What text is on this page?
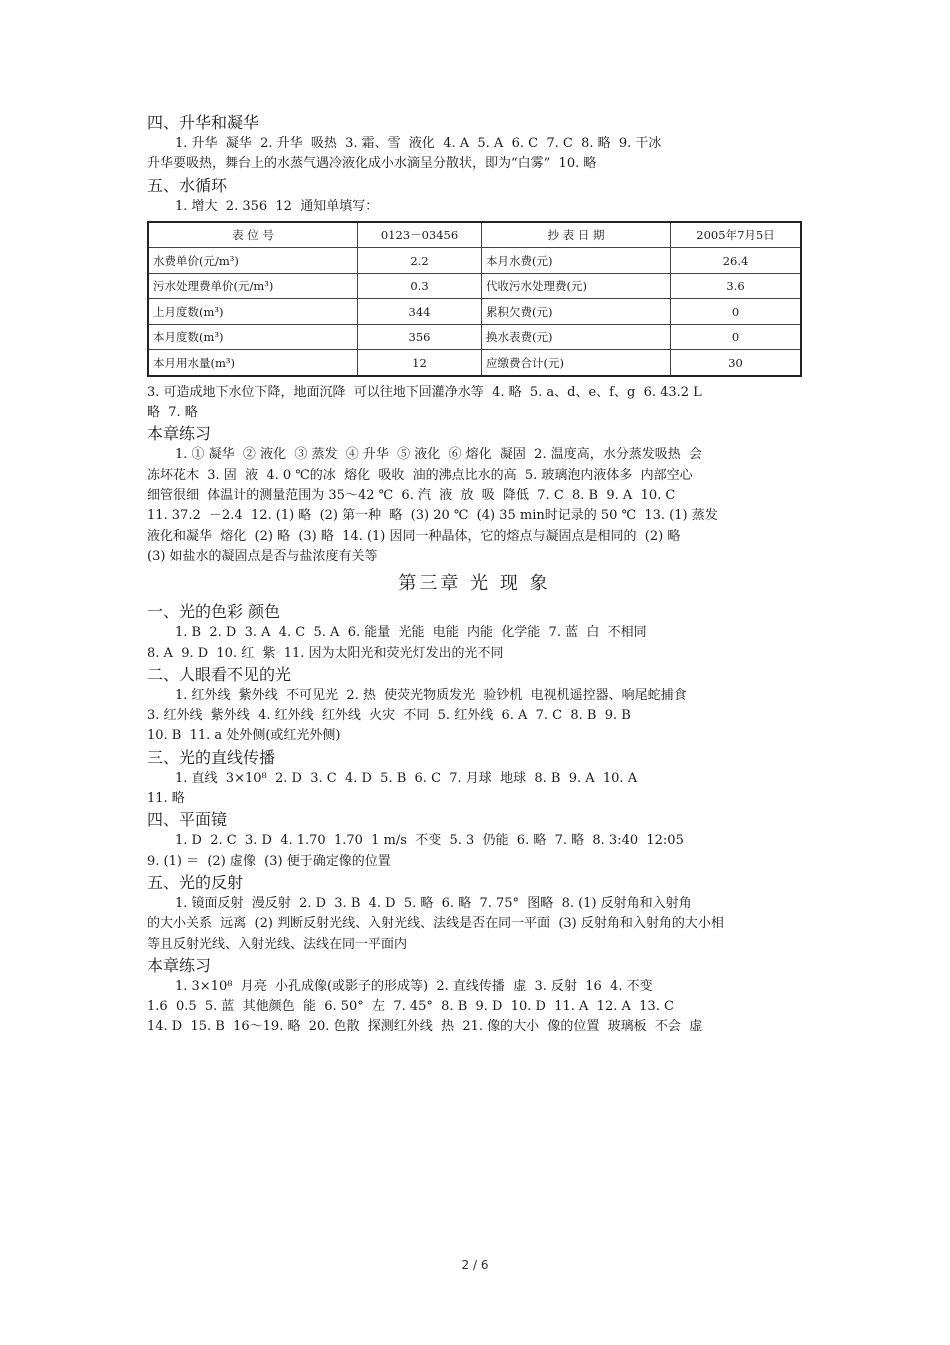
四、升华和凝华

1. 升华  凝华  2. 升华  吸热  3. 霜、雪  液化  4. A  5. A  6. C  7. C  8. 略  9. 干冰

升华要吸热，舞台上的水蒸气遇冷液化成小水滴呈分散状，即为“白雾”  10. 略

五、水循环

1. 增大  2. 356  12  通知单填写：

表 位 号	0123－03456	抄 表 日 期	2005年7月5日
水费单价(元/m³)	2.2	本月水费(元)	26.4
污水处理费单价(元/m³)	0.3	代收污水处理费(元)	3.6
上月度数(m³)	344	累积欠费(元)	0
本月度数(m³)	356	换水表费(元)	0
本月用水量(m³)	12	应缴费合计(元)	30

3. 可造成地下水位下降，地面沉降  可以往地下回灌净水等  4. 略  5. a、d、e、f、g  6. 43.2 L

略  7. 略

本章练习

1. ① 凝华  ② 液化  ③ 蒸发  ④ 升华  ⑤ 液化  ⑥ 熔化  凝固  2. 温度高，水分蒸发吸热  会

冻坏花木  3. 固  液  4. 0 ℃的冰  熔化  吸收  油的沸点比水的高  5. 玻璃泡内液体多  内部空心

细管很细  体温计的测量范围为 35～42 ℃  6. 汽  液  放  吸  降低  7. C  8. B  9. A  10. C

11. 37.2  －2.4  12. (1) 略  (2) 第一种  略  (3) 20 ℃  (4) 35 min时记录的 50 ℃  13. (1) 蒸发

液化和凝华  熔化  (2) 略  (3) 略  14. (1) 因同一种晶体，它的熔点与凝固点是相同的  (2) 略

(3) 如盐水的凝固点是否与盐浓度有关等

第三章 光 现 象
一、光的色彩 颜色

1. B  2. D  3. A  4. C  5. A  6. 能量  光能  电能  内能  化学能  7. 蓝  白  不相同

8. A  9. D  10. 红  紫  11. 因为太阳光和荧光灯发出的光不同

二、人眼看不见的光

1. 红外线  紫外线  不可见光  2. 热  使荧光物质发光  验钞机  电视机遥控器、响尾蛇捕食

3. 红外线  紫外线  4. 红外线  红外线  火灾  不同  5. 红外线  6. A  7. C  8. B  9. B

10. B  11. a 处外侧(或红光外侧)

三、光的直线传播

1. 直线  3×10⁸  2. D  3. C  4. D  5. B  6. C  7. 月球  地球  8. B  9. A  10. A

11. 略

四、平面镜

1. D  2. C  3. D  4. 1.70  1.70  1 m/s  不变  5. 3  仍能  6. 略  7. 略  8. 3:40  12:05

9. (1) ＝  (2) 虚像  (3) 便于确定像的位置

五、光的反射

1. 镜面反射  漫反射  2. D  3. B  4. D  5. 略  6. 略  7. 75°  图略  8. (1) 反射角和入射角

的大小关系  远离  (2) 判断反射光线、入射光线、法线是否在同一平面  (3) 反射角和入射角的大小相

等且反射光线、入射光线、法线在同一平面内

本章练习

1. 3×10⁸  月亮  小孔成像(或影子的形成等)  2. 直线传播  虚  3. 反射  16  4. 不变

1.6  0.5  5. 蓝  其他颜色  能  6. 50°  左  7. 45°  8. B  9. D  10. D  11. A  12. A  13. C

14. D  15. B  16～19. 略  20. 色散  探测红外线  热  21. 像的大小  像的位置  玻璃板  不会  虚

2 / 6
